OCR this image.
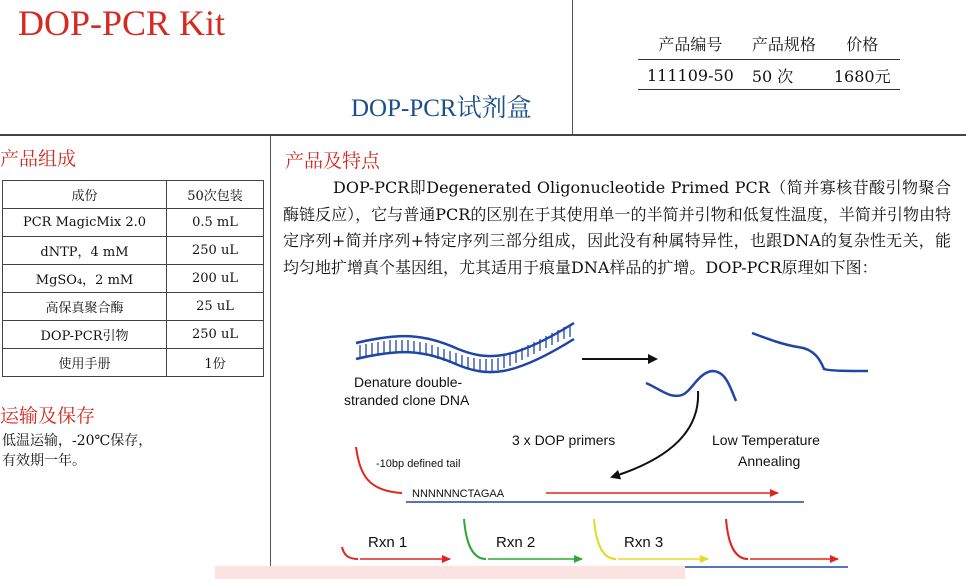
DOP-PCR Kit
DOP-PCR试剂盒
产品编号	产品规格	价格
111109-50	50 次	1680元
产品组成
成份	50次包装
PCR MagicMix 2.0	0.5 mL
dNTP，4 mM	250 uL
MgSO₄，2 mM	200 uL
高保真聚合酶	25 uL
DOP-PCR引物	250 uL
使用手册	1份
运输及保存
低温运输，-20℃保存，
有效期一年。
产品及特点

DOP-PCR即Degenerated Oligonucleotide Primed PCR（简并寡核苷酸引物聚合酶链反应），它与普通PCR的区别在于其使用单一的半简并引物和低复性温度，半简并引物由特定序列+简并序列+特定序列三部分组成，因此没有种属特异性，也跟DNA的复杂性无关，能均匀地扩增真个基因组，尤其适用于痕量DNA样品的扩增。DOP-PCR原理如下图：

Denature double-
stranded clone DNA
3 x DOP primers	Low Temperature
Annealing
-10bp defined tail
NNNNNNCTAGAA
Rxn 1	Rxn 2	Rxn 3
